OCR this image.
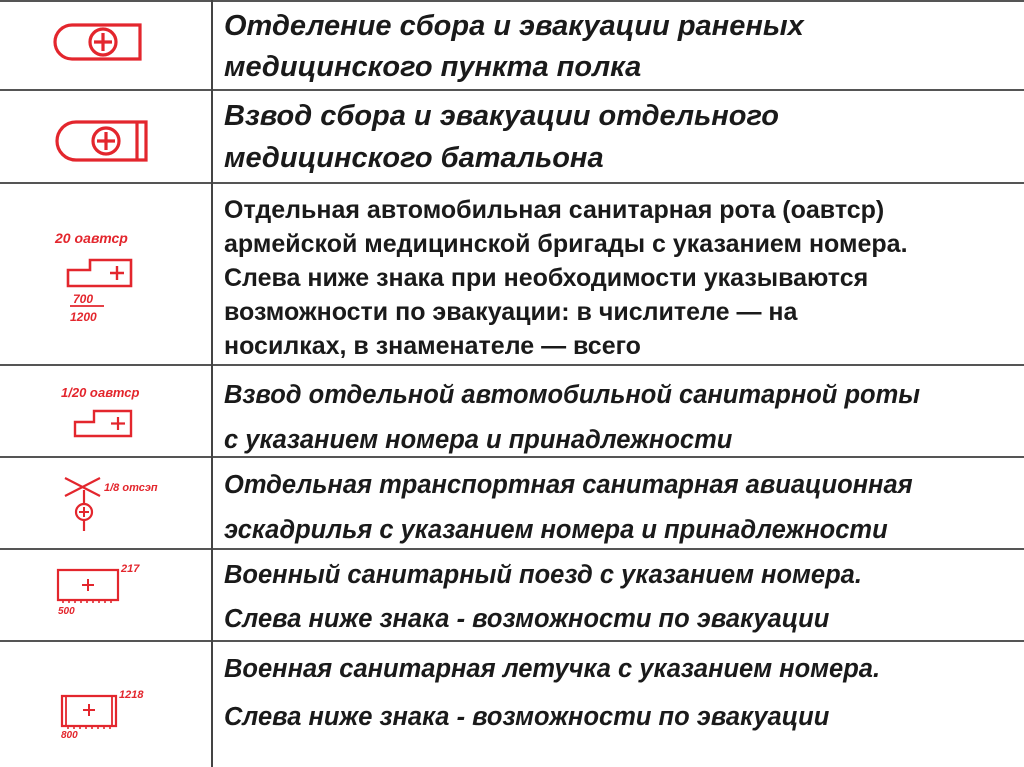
Отделение сбора и эвакуации раненых

медицинского пункта полка

Взвод сбора и эвакуации отдельного

медицинского батальона

20 оавтср
700
1200

Отдельная автомобильная санитарная рота (оавтср)

армейской медицинской бригады с указанием номера.

Слева ниже знака при необходимости указываются

возможности по эвакуации: в числителе — на

носилках, в знаменателе — всего

1/20 оавтср	Взвод отдельной автомобильной санитарной роты

с указанием номера и принадлежности

1/8 отсэп	Отдельная транспортная санитарная авиационная

эскадрилья с указанием номера и принадлежности

217
500

Военный санитарный поезд с указанием номера.

Слева ниже знака - возможности по эвакуации

1218
800

Военная санитарная летучка с указанием номера.

Слева ниже знака - возможности по эвакуации
